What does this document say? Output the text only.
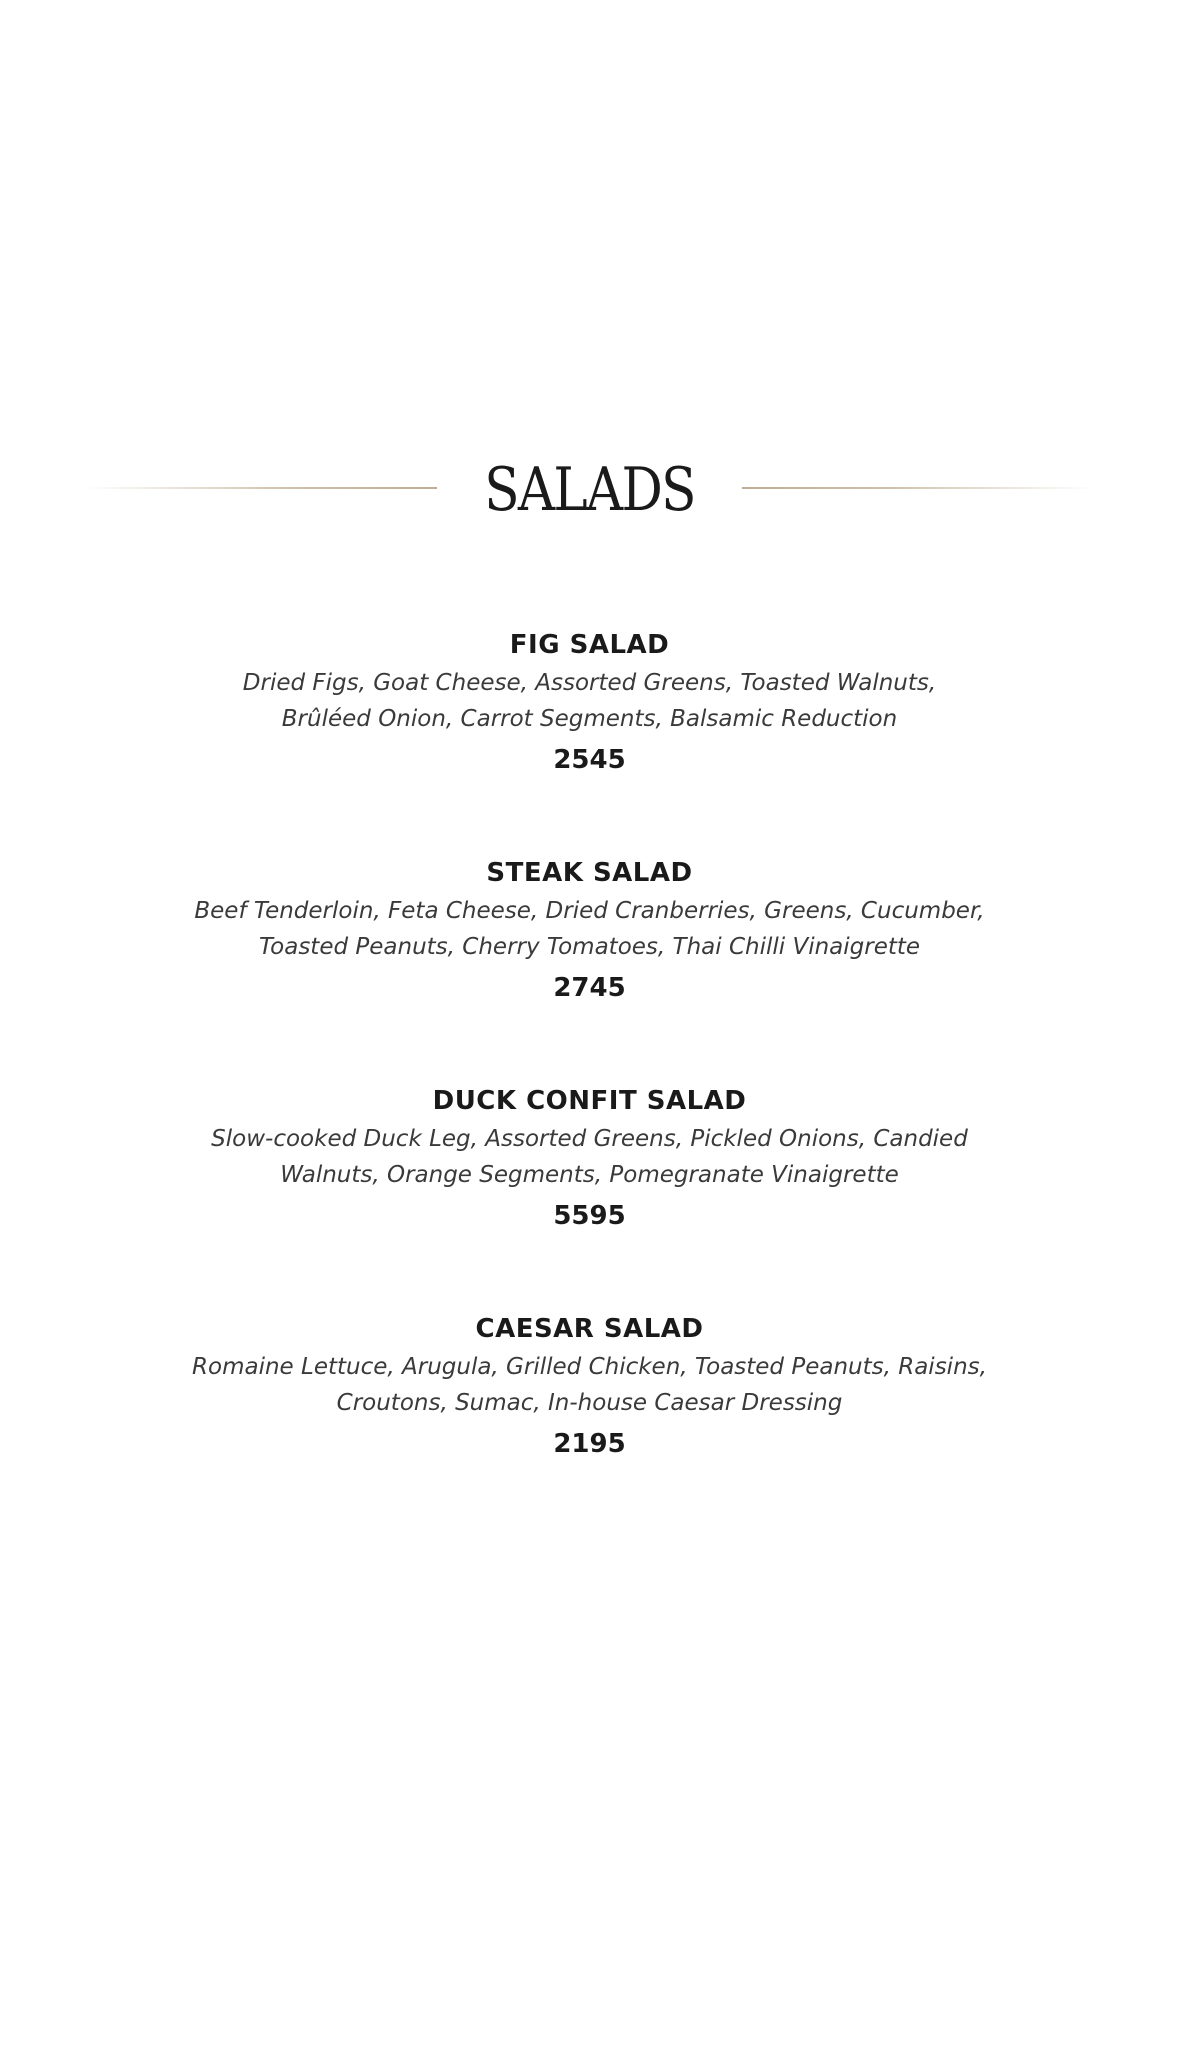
SALADS
FIG SALAD
Dried Figs, Goat Cheese, Assorted Greens, Toasted Walnuts,
Brûléed Onion, Carrot Segments, Balsamic Reduction
2545
STEAK SALAD
Beef Tenderloin, Feta Cheese, Dried Cranberries, Greens, Cucumber,
Toasted Peanuts, Cherry Tomatoes, Thai Chilli Vinaigrette
2745
DUCK CONFIT SALAD
Slow-cooked Duck Leg, Assorted Greens, Pickled Onions, Candied
Walnuts, Orange Segments, Pomegranate Vinaigrette
5595
CAESAR SALAD
Romaine Lettuce, Arugula, Grilled Chicken, Toasted Peanuts, Raisins,
Croutons, Sumac, In-house Caesar Dressing
2195
